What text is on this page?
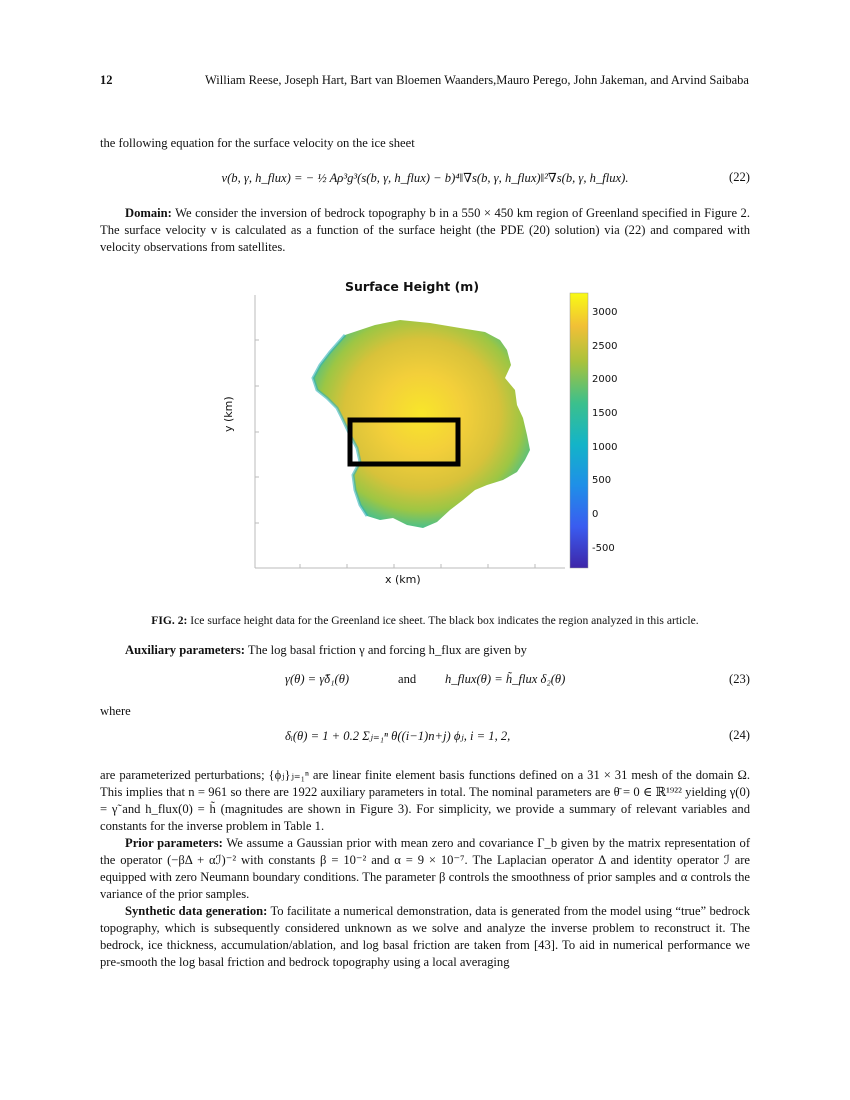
12	William Reese, Joseph Hart, Bart van Bloemen Waanders,Mauro Perego, John Jakeman, and Arvind Saibaba
the following equation for the surface velocity on the ice sheet
v(b, γ, h_flux) = − ½ Aρ³g³(s(b, γ, h_flux) − b)⁴‖∇s(b, γ, h_flux)‖²∇s(b, γ, h_flux).	(22)
Domain: We consider the inversion of bedrock topography b in a 550 × 450 km region of Greenland specified in Figure 2. The surface velocity v is calculated as a function of the surface height (the PDE (20) solution) via (22) and compared with velocity observations from satellites.
Surface Height (m)
3000
2500
2000
1500
1000
500
0
-500
x (km)
y (km)
FIG. 2: Ice surface height data for the Greenland ice sheet. The black box indicates the region analyzed in this article.
Auxiliary parameters: The log basal friction γ and forcing h_flux are given by
γ(θ) = γ̃δ₁(θ)	and h_flux(θ) = h̃_flux δ₂(θ)	(23)
where
δᵢ(θ) = 1 + 0.2 Σⱼ₌₁ⁿ θ((i−1)n+j) ϕⱼ, i = 1, 2,	(24)
are parameterized perturbations; {ϕⱼ}ⱼ₌₁ⁿ are linear finite element basis functions defined on a 31 × 31 mesh of the domain Ω. This implies that n = 961 so there are 1922 auxiliary parameters in total. The nominal parameters are θ̄ = 0 ∈ ℝ¹⁹²² yielding γ(0) = γ̃ and h_flux(0) = h̃ (magnitudes are shown in Figure 3). For simplicity, we provide a summary of relevant variables and constants for the inverse problem in Table 1.
Prior parameters: We assume a Gaussian prior with mean zero and covariance Γ_b given by the matrix representation of the operator (−βΔ + αℐ)⁻² with constants β = 10⁻² and α = 9 × 10⁻⁷. The Laplacian operator Δ and identity operator ℐ are equipped with zero Neumann boundary conditions. The parameter β controls the smoothness of prior samples and α controls the variance of the prior samples.
Synthetic data generation: To facilitate a numerical demonstration, data is generated from the model using “true” bedrock topography, which is subsequently considered unknown as we solve and analyze the inverse problem to reconstruct it. The bedrock, ice thickness, accumulation/ablation, and log basal friction are taken from [43]. To aid in numerical performance we pre-smooth the log basal friction and bedrock topography using a local averaging
